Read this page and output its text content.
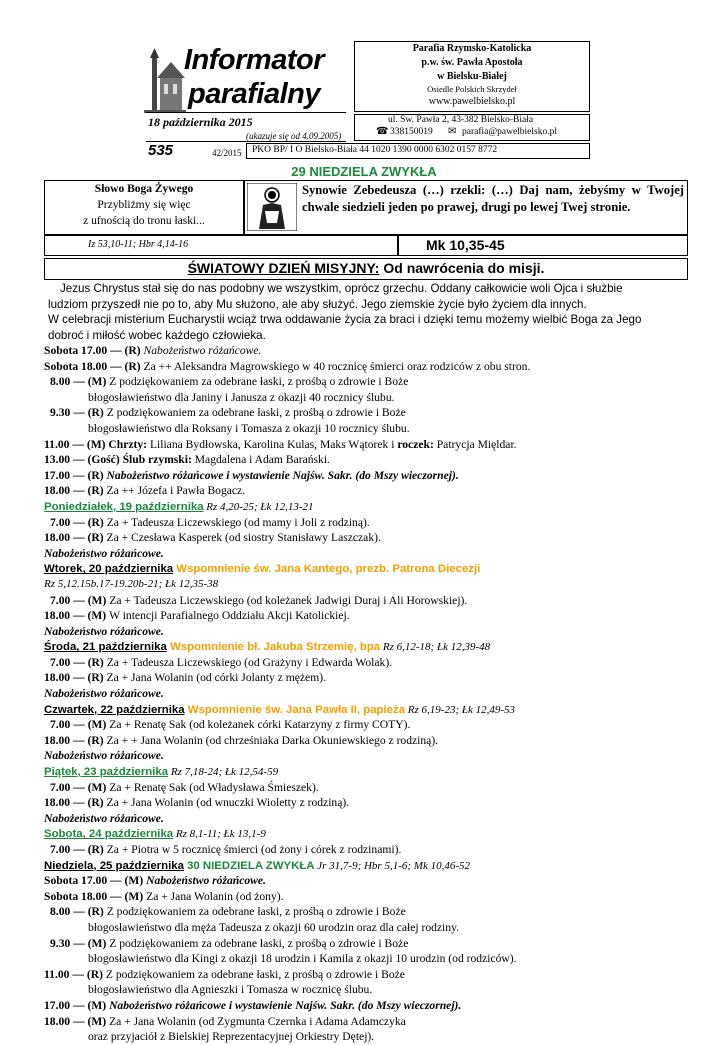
Informator
parafialny
18 października 2015
(ukazuje się od 4.09.2005)
535	42/2015
Parafia Rzymsko-Katolicka
p.w. św. Pawła Apostoła
w Bielsku-Białej
Osiedle Polskich Skrzydeł
www.pawelbielsko.pl
ul. Św. Pawła 2, 43-382 Bielsko-Biała
☎ 338150019 ✉ parafia@pawelbielsko.pl
PKO BP/ I O Bielsko-Biała 44 1020 1390 0000 6302 0157 8772
29 NIEDZIELA ZWYKŁA
Słowo Boga Żywego
Przybliżmy się więc
z ufnością do tronu łaski...
Synowie Zebedeusza (…) rzekli: (…) Daj nam, żebyśmy w Twojej chwale siedzieli jeden po prawej, drugi po lewej Twej stronie.
Iz 53,10-11; Hbr 4,14-16	Mk 10,35-45
ŚWIATOWY DZIEŃ MISYJNY: Od nawrócenia do misji.
Jezus Chrystus stał się do nas podobny we wszystkim, oprócz grzechu. Oddany całkowicie woli Ojca i służbie
ludziom przyszedł nie po to, aby Mu służono, ale aby służyć. Jego ziemskie życie było życiem dla innych.
W celebracji misterium Eucharystii wciąż trwa oddawanie życia za braci i dzięki temu możemy wielbić Boga za Jego
dobroć i miłość wobec każdego człowieka.
Sobota 17.00 — (R) Nabożeństwo różańcowe.
Sobota 18.00 — (R) Za ++ Aleksandra Magrowskiego w 40 rocznicę śmierci oraz rodziców z obu stron.
8.00 — (M) Z podziękowaniem za odebrane łaski, z prośbą o zdrowie i Boże
błogosławieństwo dla Janiny i Janusza z okazji 40 rocznicy ślubu.
9.30 — (R) Z podziękowaniem za odebrane łaski, z prośbą o zdrowie i Boże
błogosławieństwo dla Roksany i Tomasza z okazji 10 rocznicy ślubu.
11.00 — (M) Chrzty: Liliana Bydłowska, Karolina Kulas, Maks Wątorek i roczek: Patrycja Mięldar.
13.00 — (Gość) Ślub rzymski: Magdalena i Adam Barański.
17.00 — (R) Nabożeństwo różańcowe i wystawienie Najśw. Sakr. (do Mszy wieczornej).
18.00 — (R) Za ++ Józefa i Pawła Bogacz.
Poniedziałek, 19 października Rz 4,20-25; Łk 12,13-21
7.00 — (R) Za + Tadeusza Liczewskiego (od mamy i Joli z rodziną).
18.00 — (R) Za + Czesława Kasperek (od siostry Stanisławy Laszczak).
Nabożeństwo różańcowe.
Wtorek, 20 października Wspomnienie św. Jana Kantego, prezb. Patrona Diecezji
Rz 5,12.15b.17-19.20b-21; Łk 12,35-38
7.00 — (M) Za + Tadeusza Liczewskiego (od koleżanek Jadwigi Duraj i Ali Horowskiej).
18.00 — (M) W intencji Parafialnego Oddziału Akcji Katolickiej.
Nabożeństwo różańcowe.
Środa, 21 października Wspomnienie bł. Jakuba Strzemię, bpa Rz 6,12-18; Łk 12,39-48
7.00 — (R) Za + Tadeusza Liczewskiego (od Grażyny i Edwarda Wolak).
18.00 — (R) Za + Jana Wolanin (od córki Jolanty z mężem).
Nabożeństwo różańcowe.
Czwartek, 22 października Wspomnienie św. Jana Pawła II, papieża Rz 6,19-23; Łk 12,49-53
7.00 — (M) Za + Renatę Sak (od koleżanek córki Katarzyny z firmy COTY).
18.00 — (R) Za + + Jana Wolanin (od chrześniaka Darka Okuniewskiego z rodziną).
Nabożeństwo różańcowe.
Piątek, 23 października Rz 7,18-24; Łk 12,54-59
7.00 — (M) Za + Renatę Sak (od Władysława Śmieszek).
18.00 — (R) Za + Jana Wolanin (od wnuczki Wioletty z rodziną).
Nabożeństwo różańcowe.
Sobota, 24 października Rz 8,1-11; Łk 13,1-9
7.00 — (R) Za + Piotra w 5 rocznicę śmierci (od żony i córek z rodzinami).
Niedziela, 25 października 30 NIEDZIELA ZWYKŁA Jr 31,7-9; Hbr 5,1-6; Mk 10,46-52
Sobota 17.00 — (M) Nabożeństwo różańcowe.
Sobota 18.00 — (M) Za + Jana Wolanin (od żony).
8.00 — (R) Z podziękowaniem za odebrane łaski, z prośbą o zdrowie i Boże
błogosławieństwo dla męża Tadeusza z okazji 60 urodzin oraz dla całej rodziny.
9.30 — (M) Z podziękowaniem za odebrane łaski, z prośbą o zdrowie i Boże
błogosławieństwo dla Kingi z okazji 18 urodzin i Kamila z okazji 10 urodzin (od rodziców).
11.00 — (R) Z podziękowaniem za odebrane łaski, z prośbą o zdrowie i Boże
błogosławieństwo dla Agnieszki i Tomasza w rocznicę ślubu.
17.00 — (M) Nabożeństwo różańcowe i wystawienie Najśw. Sakr. (do Mszy wieczornej).
18.00 — (M) Za + Jana Wolanin (od Zygmunta Czernka i Adama Adamczyka
oraz przyjaciół z Bielskiej Reprezentacyjnej Orkiestry Dętej).
